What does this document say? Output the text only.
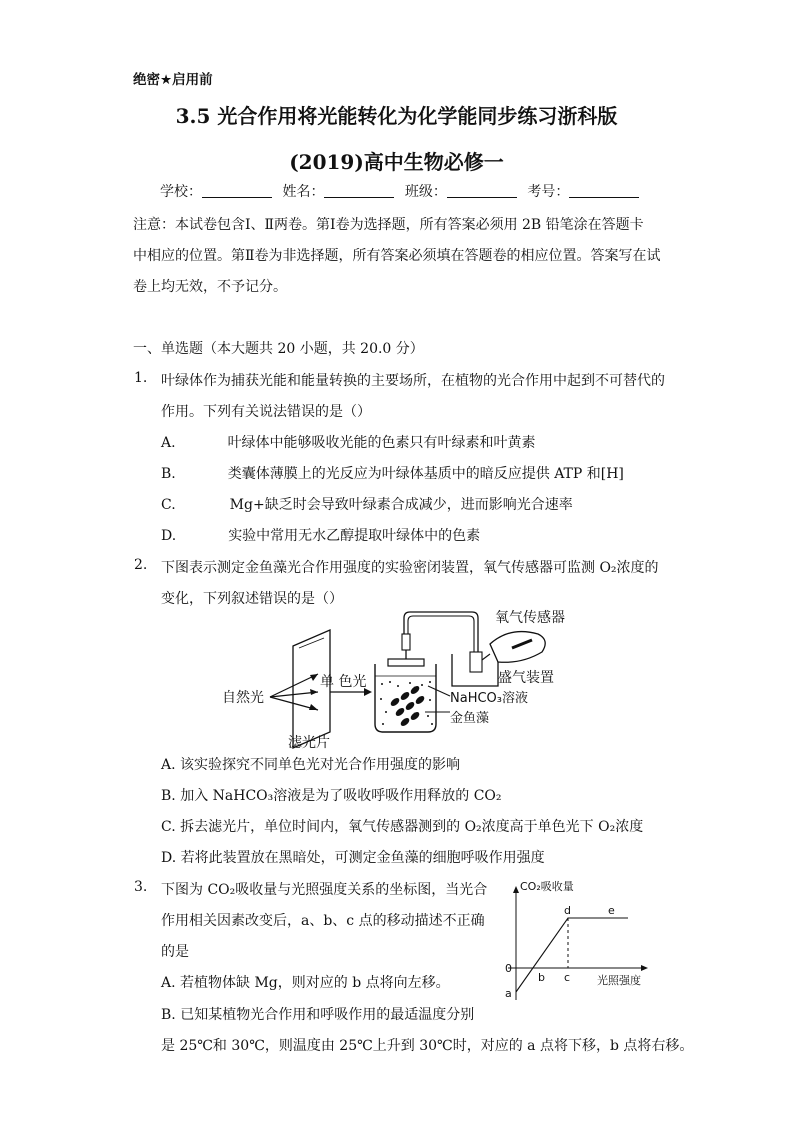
绝密★启用前
3.5 光合作用将光能转化为化学能同步练习浙科版
(2019)高中生物必修一
学校：	姓名：	班级：	考号：
注意：本试卷包含Ⅰ、Ⅱ两卷。第Ⅰ卷为选择题，所有答案必须用 2B 铅笔涂在答题卡
中相应的位置。第Ⅱ卷为非选择题，所有答案必须填在答题卷的相应位置。答案写在试
卷上均无效，不予记分。
一、单选题（本大题共 20 小题，共 20.0 分）
1. 叶绿体作为捕获光能和能量转换的主要场所，在植物的光合作用中起到不可替代的
作用。下列有关说法错误的是（）
A.	叶绿体中能够吸收光能的色素只有叶绿素和叶黄素
B.	类囊体薄膜上的光反应为叶绿体基质中的暗反应提供 ATP 和[H]
C.	Mg+缺乏时会导致叶绿素合成减少，进而影响光合速率
D.	实验中常用无水乙醇提取叶绿体中的色素
2. 下图表示测定金鱼藻光合作用强度的实验密闭装置，氧气传感器可监测 O₂浓度的
变化，下列叙述错误的是（）
自然光
单 色光
滤光片
氧气传感器
盛气装置
NaHCO₃溶液
金鱼藻
A. 该实验探究不同单色光对光合作用强度的影响
B. 加入 NaHCO₃溶液是为了吸收呼吸作用释放的 CO₂
C. 拆去滤光片，单位时间内，氧气传感器测到的 O₂浓度高于单色光下 O₂浓度
D. 若将此装置放在黑暗处，可测定金鱼藻的细胞呼吸作用强度
3. 下图为 CO₂吸收量与光照强度关系的坐标图，当光合
作用相关因素改变后，a、b、c 点的移动描述不正确
的是
A. 若植物体缺 Mg，则对应的 b 点将向左移。
B. 已知某植物光合作用和呼吸作用的最适温度分别
是 25℃和 30℃，则温度由 25℃上升到 30℃时，对应的 a 点将下移，b 点将右移。
CO₂吸收量
光照强度
0
a
b c
d	e
